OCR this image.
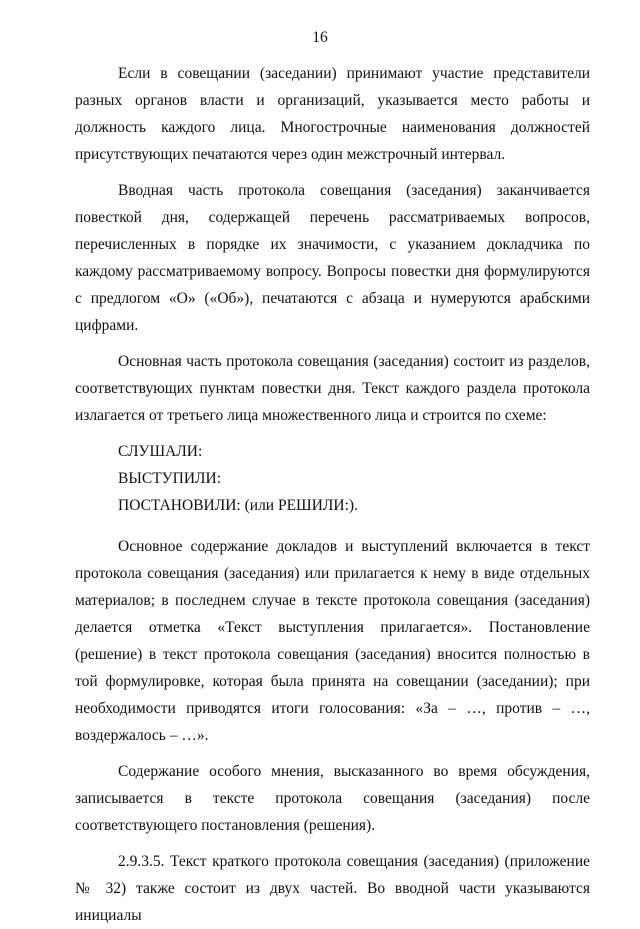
16

Если в совещании (заседании) принимают участие представители разных органов власти и организаций, указывается место работы и должность каждого лица. Многострочные наименования должностей присутствующих печатаются через один межстрочный интервал.

Вводная часть протокола совещания (заседания) заканчивается повесткой дня, содержащей перечень рассматриваемых вопросов, перечисленных в порядке их значимости, с указанием докладчика по каждому рассматриваемому вопросу. Вопросы повестки дня формулируются с предлогом «О» («Об»), печатаются с абзаца и нумеруются арабскими цифрами.

Основная часть протокола совещания (заседания) состоит из разделов, соответствующих пунктам повестки дня. Текст каждого раздела протокола излагается от третьего лица множественного лица и строится по схеме:

СЛУШАЛИ:
ВЫСТУПИЛИ:
ПОСТАНОВИЛИ: (или РЕШИЛИ:).

Основное содержание докладов и выступлений включается в текст протокола совещания (заседания) или прилагается к нему в виде отдельных материалов; в последнем случае в тексте протокола совещания (заседания) делается отметка «Текст выступления прилагается». Постановление (решение) в текст протокола совещания (заседания) вносится полностью в той формулировке, которая была принята на совещании (заседании); при необходимости приводятся итоги голосования: «За – …, против – …, воздержалось – …».

Содержание особого мнения, высказанного во время обсуждения, записывается в тексте протокола совещания (заседания) после соответствующего постановления (решения).

2.9.3.5. Текст краткого протокола совещания (заседания) (приложение № 32) также состоит из двух частей. Во вводной части указываются инициалы
